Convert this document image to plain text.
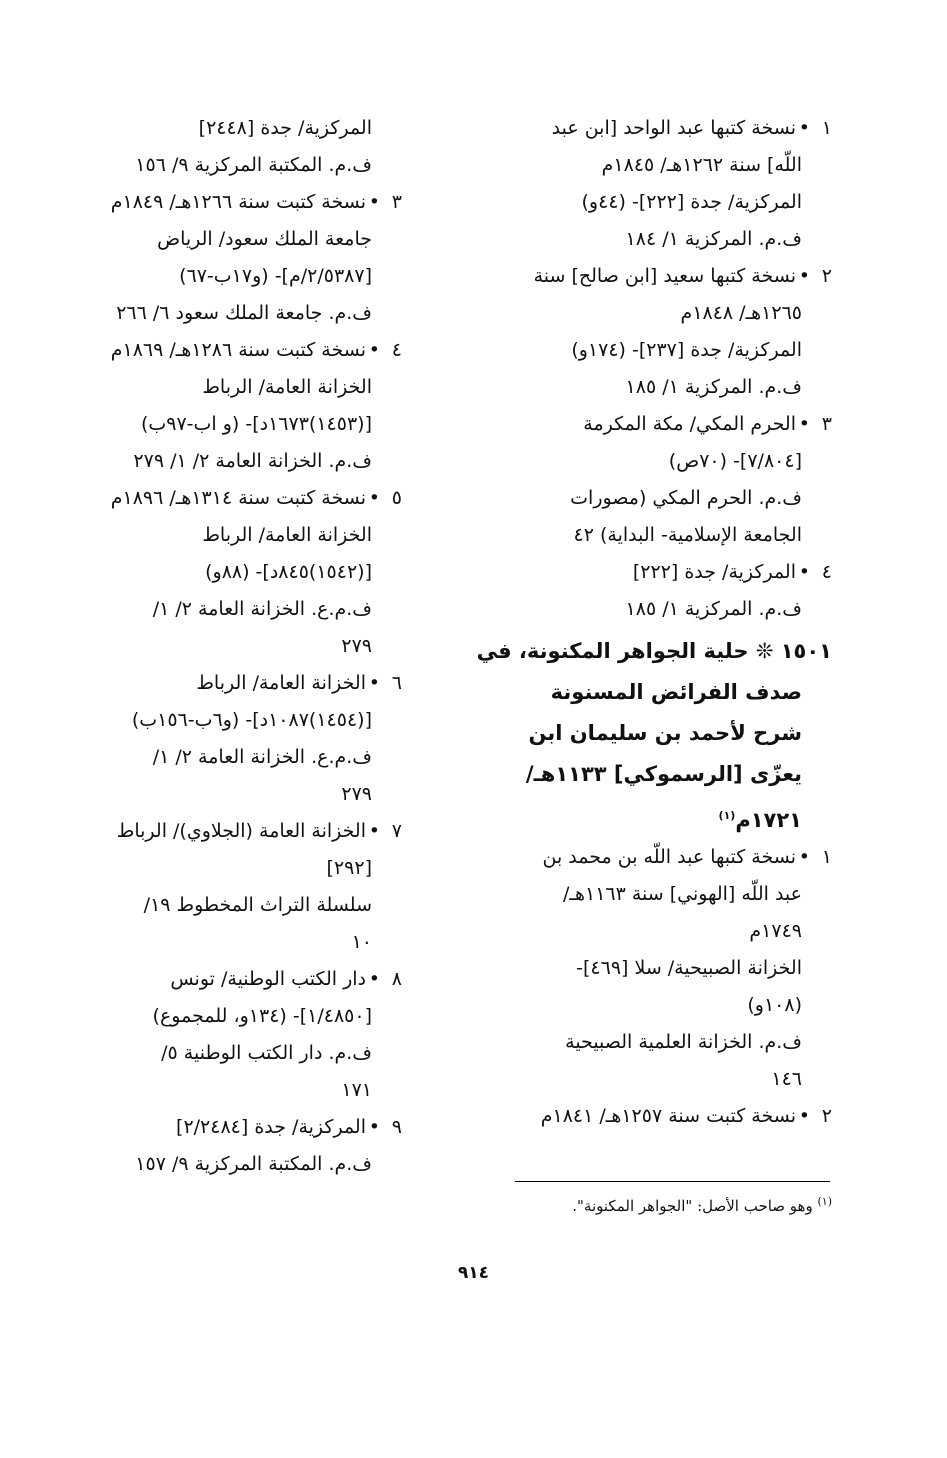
١•نسخة كتبها عبد الواحد [ابن عبد
اللّه] سنة ١٢٦٢هـ/ ١٨٤٥م
المركزية/ جدة [٢٢٢]- (٤٤و)
ف.م. المركزية ١/ ١٨٤
٢•نسخة كتبها سعيد [ابن صالح] سنة
١٢٦٥هـ/ ١٨٤٨م
المركزية/ جدة [٢٣٧]- (١٧٤و)
ف.م. المركزية ١/ ١٨٥
٣•الحرم المكي/ مكة المكرمة
[٧/٨٠٤]- (٧٠ص)
ف.م. الحرم المكي (مصورات
الجامعة الإسلامية- البداية) ٤٢
٤•المركزية/ جدة [٢٢٢]
ف.م. المركزية ١/ ١٨٥
١٥٠١ ❊ حلية الجواهر المكنونة، في
صدف الفرائض المسنونة
شرح لأحمد بن سليمان ابن
يعزّى [الرسموكي] ١١٣٣هـ/
١٧٢١م$^{(١)}$
١•نسخة كتبها عبد اللّه بن محمد بن
عبد اللّه [الهوني] سنة ١١٦٣هـ/
١٧٤٩م
الخزانة الصبيحية/ سلا [٤٦٩]-
(١٠٨و)
ف.م. الخزانة العلمية الصبيحية
١٤٦
٢•نسخة كتبت سنة ١٢٥٧هـ/ ١٨٤١م
المركزية/ جدة [٢٤٤٨]
ف.م. المكتبة المركزية ٩/ ١٥٦
٣•نسخة كتبت سنة ١٢٦٦هـ/ ١٨٤٩م
جامعة الملك سعود/ الرياض
[٢/٥٣٨٧/م]- (و١٧ب-٦٧)
ف.م. جامعة الملك سعود ٦/ ٢٦٦
٤•نسخة كتبت سنة ١٢٨٦هـ/ ١٨٦٩م
الخزانة العامة/ الرباط
[(١٤٥٣)١٦٧٣د]- (و اب-٩٧ب)
ف.م. الخزانة العامة ٢/ ١/ ٢٧٩
٥•نسخة كتبت سنة ١٣١٤هـ/ ١٨٩٦م
الخزانة العامة/ الرباط
[(١٥٤٢)٨٤٥د]- (٨٨و)
ف.م.ع. الخزانة العامة ٢/ ١/
٢٧٩
٦•الخزانة العامة/ الرباط
[(١٤٥٤)١٠٨٧د]- (و٦ب-١٥٦ب)
ف.م.ع. الخزانة العامة ٢/ ١/
٢٧٩
٧•الخزانة العامة (الجلاوي)/ الرباط
[٢٩٢]
سلسلة التراث المخطوط ١٩/
١٠
٨•دار الكتب الوطنية/ تونس
[١/٤٨٥٠]- (١٣٤و، للمجموع)
ف.م. دار الكتب الوطنية ٥/
١٧١
٩•المركزية/ جدة [٢/٢٤٨٤]
ف.م. المكتبة المركزية ٩/ ١٥٧
$^{(١)}$ وهو صاحب الأصل: "الجواهر المكنونة".
٩١٤
